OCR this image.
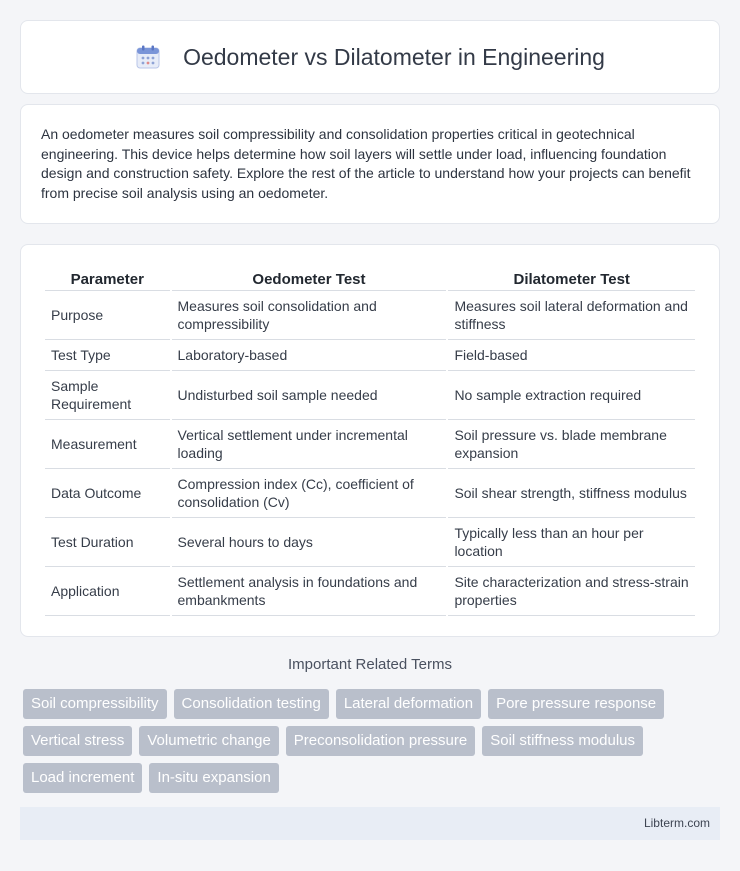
Oedometer vs Dilatometer in Engineering

An oedometer measures soil compressibility and consolidation properties critical in geotechnical engineering. This device helps determine how soil layers will settle under load, influencing foundation design and construction safety. Explore the rest of the article to understand how your projects can benefit from precise soil analysis using an oedometer.

Parameter	Oedometer Test	Dilatometer Test
Purpose	Measures soil consolidation and compressibility	Measures soil lateral deformation and stiffness
Test Type	Laboratory-based	Field-based
Sample Requirement	Undisturbed soil sample needed	No sample extraction required
Measurement	Vertical settlement under incremental loading	Soil pressure vs. blade membrane expansion
Data Outcome	Compression index (Cc), coefficient of consolidation (Cv)	Soil shear strength, stiffness modulus
Test Duration	Several hours to days	Typically less than an hour per location
Application	Settlement analysis in foundations and embankments	Site characterization and stress-strain properties
Important Related Terms
Soil compressibility	Consolidation testing	Lateral deformation	Pore pressure response
Vertical stress	Volumetric change	Preconsolidation pressure	Soil stiffness modulus
Load increment	In-situ expansion
Libterm.com
